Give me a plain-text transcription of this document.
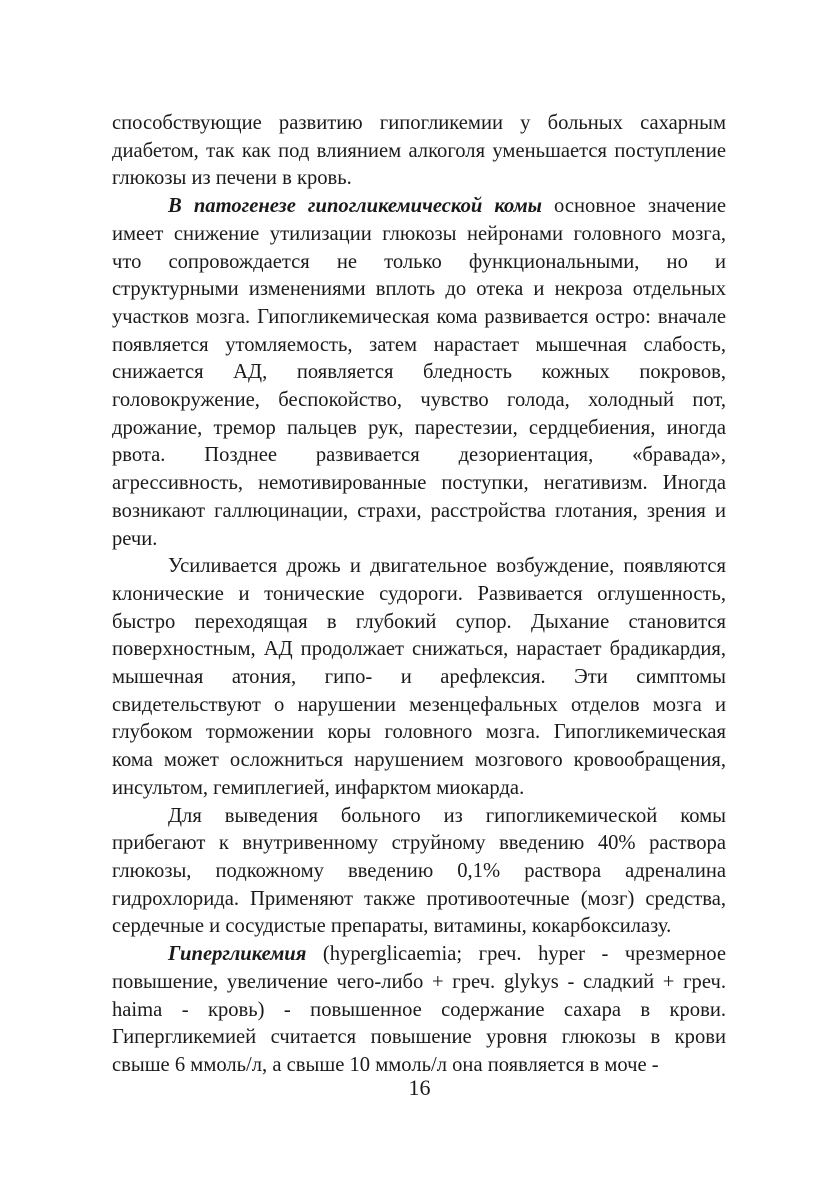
способствующие развитию гипогликемии у больных сахарным диабетом, так как под влиянием алкоголя уменьшается поступление глюкозы из печени в кровь.

В патогенезе гипогликемической комы основное значение имеет снижение утилизации глюкозы нейронами головного мозга, что сопровождается не только функциональными, но и структурными изменениями вплоть до отека и некроза отдельных участков мозга. Гипогликемическая кома развивается остро: вначале появляется утомляемость, затем нарастает мышечная слабость, снижается АД, появляется бледность кожных покровов, головокружение, беспокойство, чувство голода, холодный пот, дрожание, тремор пальцев рук, парестезии, сердцебиения, иногда рвота. Позднее развивается дезориентация, «бравада», агрессивность, немотивированные поступки, негативизм. Иногда возникают галлюцинации, страхи, расстройства глотания, зрения и речи.

Усиливается дрожь и двигательное возбуждение, появляются клонические и тонические судороги. Развивается оглушенность, быстро переходящая в глубокий супор. Дыхание становится поверхностным, АД продолжает снижаться, нарастает брадикардия, мышечная атония, гипо- и арефлексия. Эти симптомы свидетельствуют о нарушении мезенцефальных отделов мозга и глубоком торможении коры головного мозга. Гипогликемическая кома может осложниться нарушением мозгового кровообращения, инсультом, гемиплегией, инфарктом миокарда.

Для выведения больного из гипогликемической комы прибегают к внутривенному струйному введению 40% раствора глюкозы, подкожному введению 0,1% раствора адреналина гидрохлорида. Применяют также противоотечные (мозг) средства, сердечные и сосудистые препараты, витамины, кокарбоксилазу.

Гипергликемия (hyperglicaemia; греч. hyper - чрезмерное повышение, увеличение чего-либо + греч. glykys - сладкий + греч. haima - кровь) - повышенное содержание сахара в крови. Гипергликемией считается повышение уровня глюкозы в крови свыше 6 ммоль/л, а свыше 10 ммоль/л она появляется в моче -

16
